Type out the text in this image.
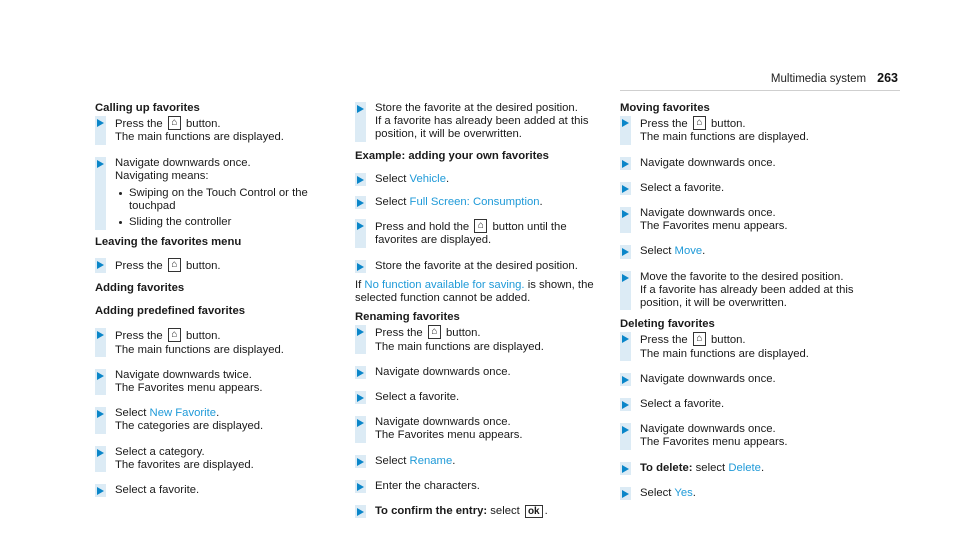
Multimedia system 263

Calling up favorites

Press the ⌂ button.
The main functions are displayed.
Navigate downwards once.
Navigating means:
Swiping on the Touch Control or the
touchpad
Sliding the controller

Leaving the favorites menu

Press the ⌂ button.

Adding favorites

Adding predefined favorites

Press the ⌂ button.
The main functions are displayed.
Navigate downwards twice.
The Favorites menu appears.
Select New Favorite.
The categories are displayed.
Select a category.
The favorites are displayed.
Select a favorite.
Store the favorite at the desired position.
If a favorite has already been added at this
position, it will be overwritten.

Example: adding your own favorites

Select Vehicle.
Select Full Screen: Consumption.
Press and hold the ⌂ button until the
favorites are displayed.
Store the favorite at the desired position.

If No function available for saving. is shown, the
selected function cannot be added.

Renaming favorites

Press the ⌂ button.
The main functions are displayed.
Navigate downwards once.
Select a favorite.
Navigate downwards once.
The Favorites menu appears.
Select Rename.
Enter the characters.
To confirm the entry: select ok .

Moving favorites

Press the ⌂ button.
The main functions are displayed.
Navigate downwards once.
Select a favorite.
Navigate downwards once.
The Favorites menu appears.
Select Move.
Move the favorite to the desired position.
If a favorite has already been added at this
position, it will be overwritten.

Deleting favorites

Press the ⌂ button.
The main functions are displayed.
Navigate downwards once.
Select a favorite.
Navigate downwards once.
The Favorites menu appears.
To delete: select Delete.
Select Yes.
